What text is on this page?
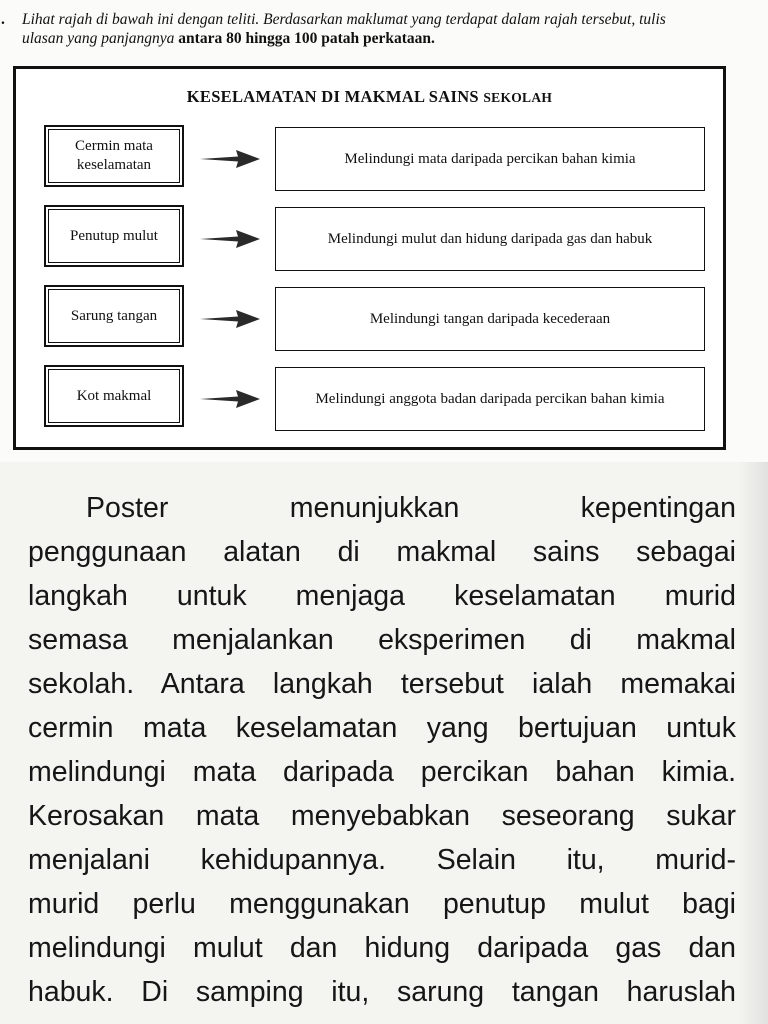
. Lihat rajah di bawah ini dengan teliti. Berdasarkan maklumat yang terdapat dalam rajah tersebut, tulis
ulasan yang panjangnya antara 80 hingga 100 patah perkataan.
KESELAMATAN DI MAKMAL SAINS SEKOLAH
Cermin mata keselamatan	Melindungi mata daripada percikan bahan kimia
Penutup mulut	Melindungi mulut dan hidung daripada gas dan habuk
Sarung tangan	Melindungi tangan daripada kecederaan
Kot makmal	Melindungi anggota badan daripada percikan bahan kimia
Poster menunjukkan kepentingan
penggunaan alatan di makmal sains sebagai
langkah untuk menjaga keselamatan murid
semasa menjalankan eksperimen di makmal
sekolah. Antara langkah tersebut ialah memakai
cermin mata keselamatan yang bertujuan untuk
melindungi mata daripada percikan bahan kimia.
Kerosakan mata menyebabkan seseorang sukar
menjalani kehidupannya. Selain itu, murid-
murid perlu menggunakan penutup mulut bagi
melindungi mulut dan hidung daripada gas dan
habuk. Di samping itu, sarung tangan haruslah
